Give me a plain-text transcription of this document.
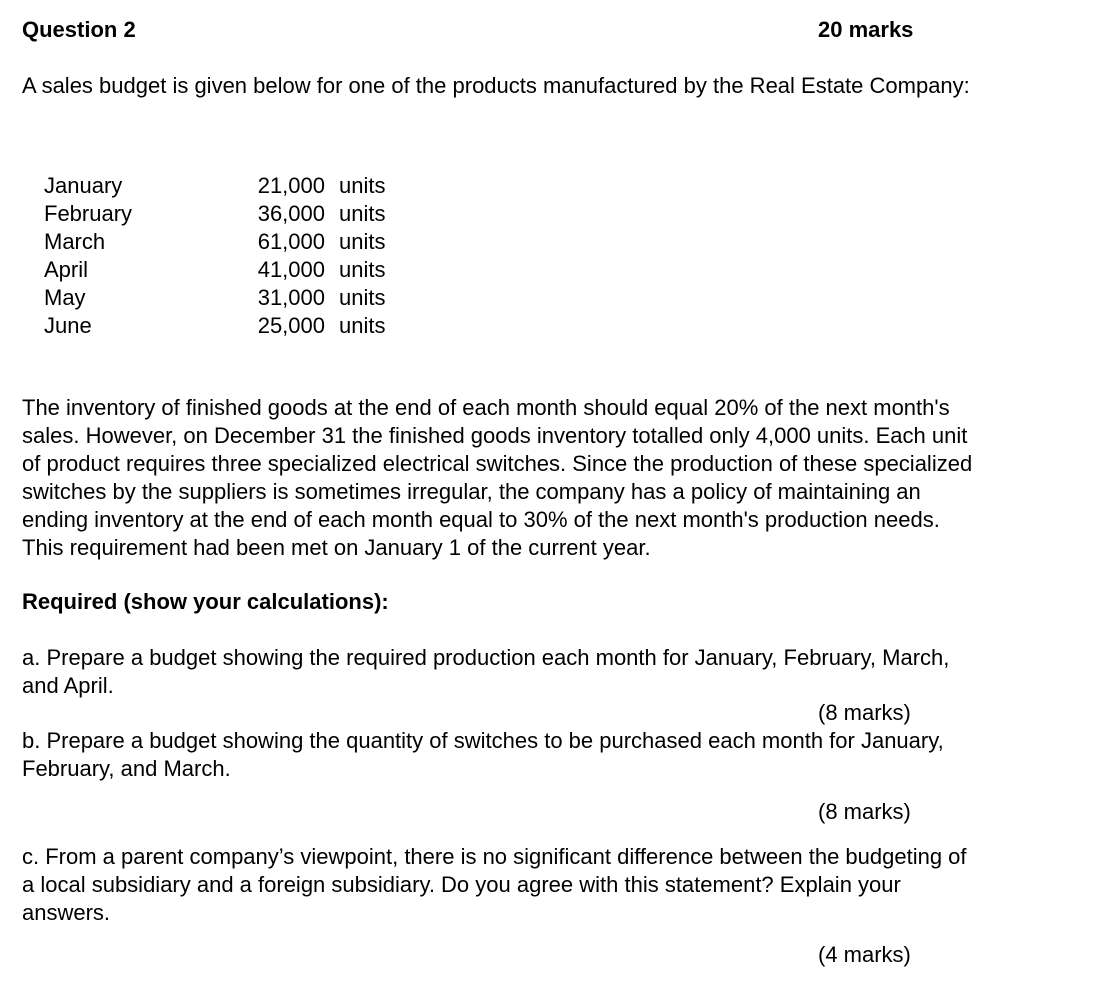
Question 2	20 marks
A sales budget is given below for one of the products manufactured by the Real Estate Company:
January	21,000	units
February	36,000	units
March	61,000	units
April	41,000	units
May	31,000	units
June	25,000	units
The inventory of finished goods at the end of each month should equal 20% of the next month's
sales. However, on December 31 the finished goods inventory totalled only 4,000 units. Each unit
of product requires three specialized electrical switches. Since the production of these specialized
switches by the suppliers is sometimes irregular, the company has a policy of maintaining an
ending inventory at the end of each month equal to 30% of the next month's production needs.
This requirement had been met on January 1 of the current year.
Required (show your calculations):
a. Prepare a budget showing the required production each month for January, February, March,
and April.
(8 marks)
b. Prepare a budget showing the quantity of switches to be purchased each month for January,
February, and March.
(8 marks)
c. From a parent company’s viewpoint, there is no significant difference between the budgeting of
a local subsidiary and a foreign subsidiary. Do you agree with this statement? Explain your
answers.
(4 marks)
